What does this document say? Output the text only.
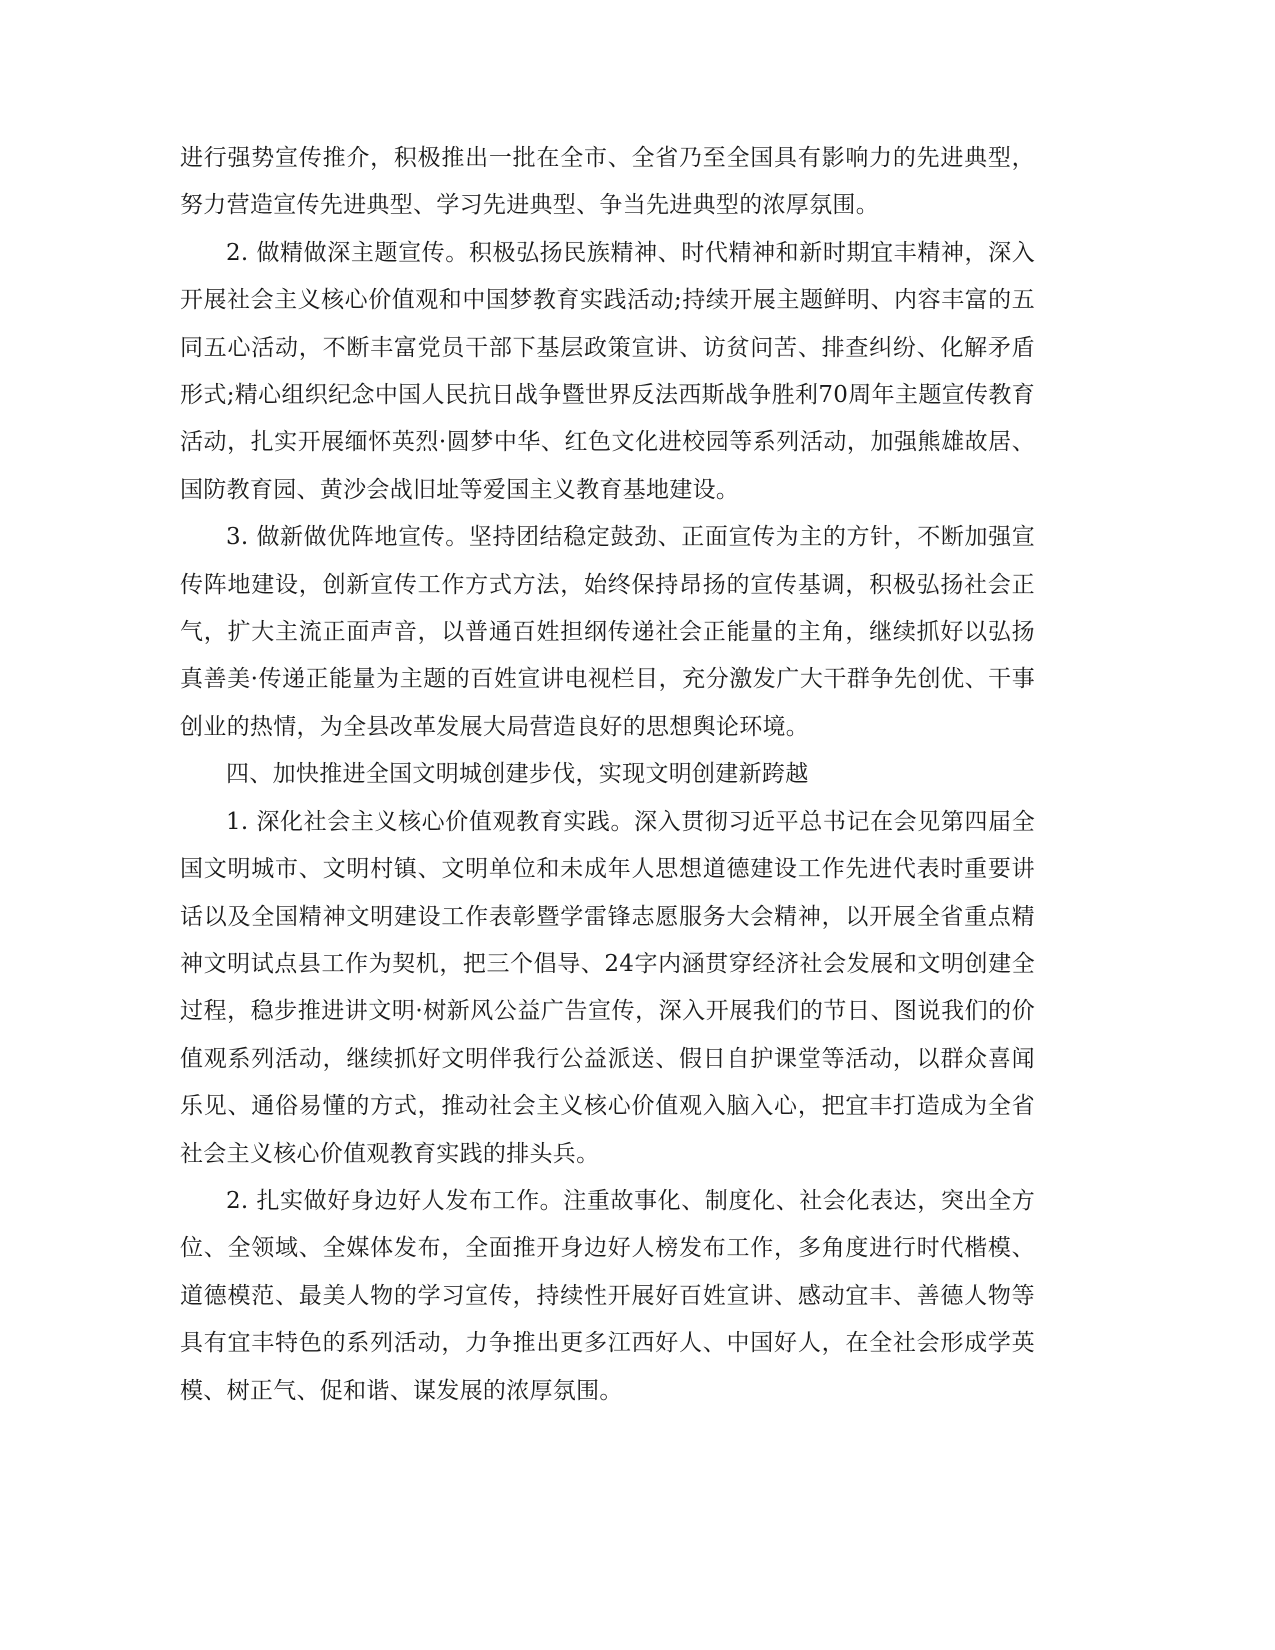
进行强势宣传推介，积极推出一批在全市、全省乃至全国具有影响力的先进典型，努力营造宣传先进典型、学习先进典型、争当先进典型的浓厚氛围。

2. 做精做深主题宣传。积极弘扬民族精神、时代精神和新时期宜丰精神，深入开展社会主义核心价值观和中国梦教育实践活动;持续开展主题鲜明、内容丰富的五同五心活动，不断丰富党员干部下基层政策宣讲、访贫问苦、排查纠纷、化解矛盾形式;精心组织纪念中国人民抗日战争暨世界反法西斯战争胜利70周年主题宣传教育活动，扎实开展缅怀英烈·圆梦中华、红色文化进校园等系列活动，加强熊雄故居、国防教育园、黄沙会战旧址等爱国主义教育基地建设。

3. 做新做优阵地宣传。坚持团结稳定鼓劲、正面宣传为主的方针，不断加强宣传阵地建设，创新宣传工作方式方法，始终保持昂扬的宣传基调，积极弘扬社会正气，扩大主流正面声音，以普通百姓担纲传递社会正能量的主角，继续抓好以弘扬真善美·传递正能量为主题的百姓宣讲电视栏目，充分激发广大干群争先创优、干事创业的热情，为全县改革发展大局营造良好的思想舆论环境。

四、加快推进全国文明城创建步伐，实现文明创建新跨越

1. 深化社会主义核心价值观教育实践。深入贯彻习近平总书记在会见第四届全国文明城市、文明村镇、文明单位和未成年人思想道德建设工作先进代表时重要讲话以及全国精神文明建设工作表彰暨学雷锋志愿服务大会精神，以开展全省重点精神文明试点县工作为契机，把三个倡导、24字内涵贯穿经济社会发展和文明创建全过程，稳步推进讲文明·树新风公益广告宣传，深入开展我们的节日、图说我们的价值观系列活动，继续抓好文明伴我行公益派送、假日自护课堂等活动，以群众喜闻乐见、通俗易懂的方式，推动社会主义核心价值观入脑入心，把宜丰打造成为全省社会主义核心价值观教育实践的排头兵。

2. 扎实做好身边好人发布工作。注重故事化、制度化、社会化表达，突出全方位、全领域、全媒体发布，全面推开身边好人榜发布工作，多角度进行时代楷模、道德模范、最美人物的学习宣传，持续性开展好百姓宣讲、感动宜丰、善德人物等具有宜丰特色的系列活动，力争推出更多江西好人、中国好人，在全社会形成学英模、树正气、促和谐、谋发展的浓厚氛围。
